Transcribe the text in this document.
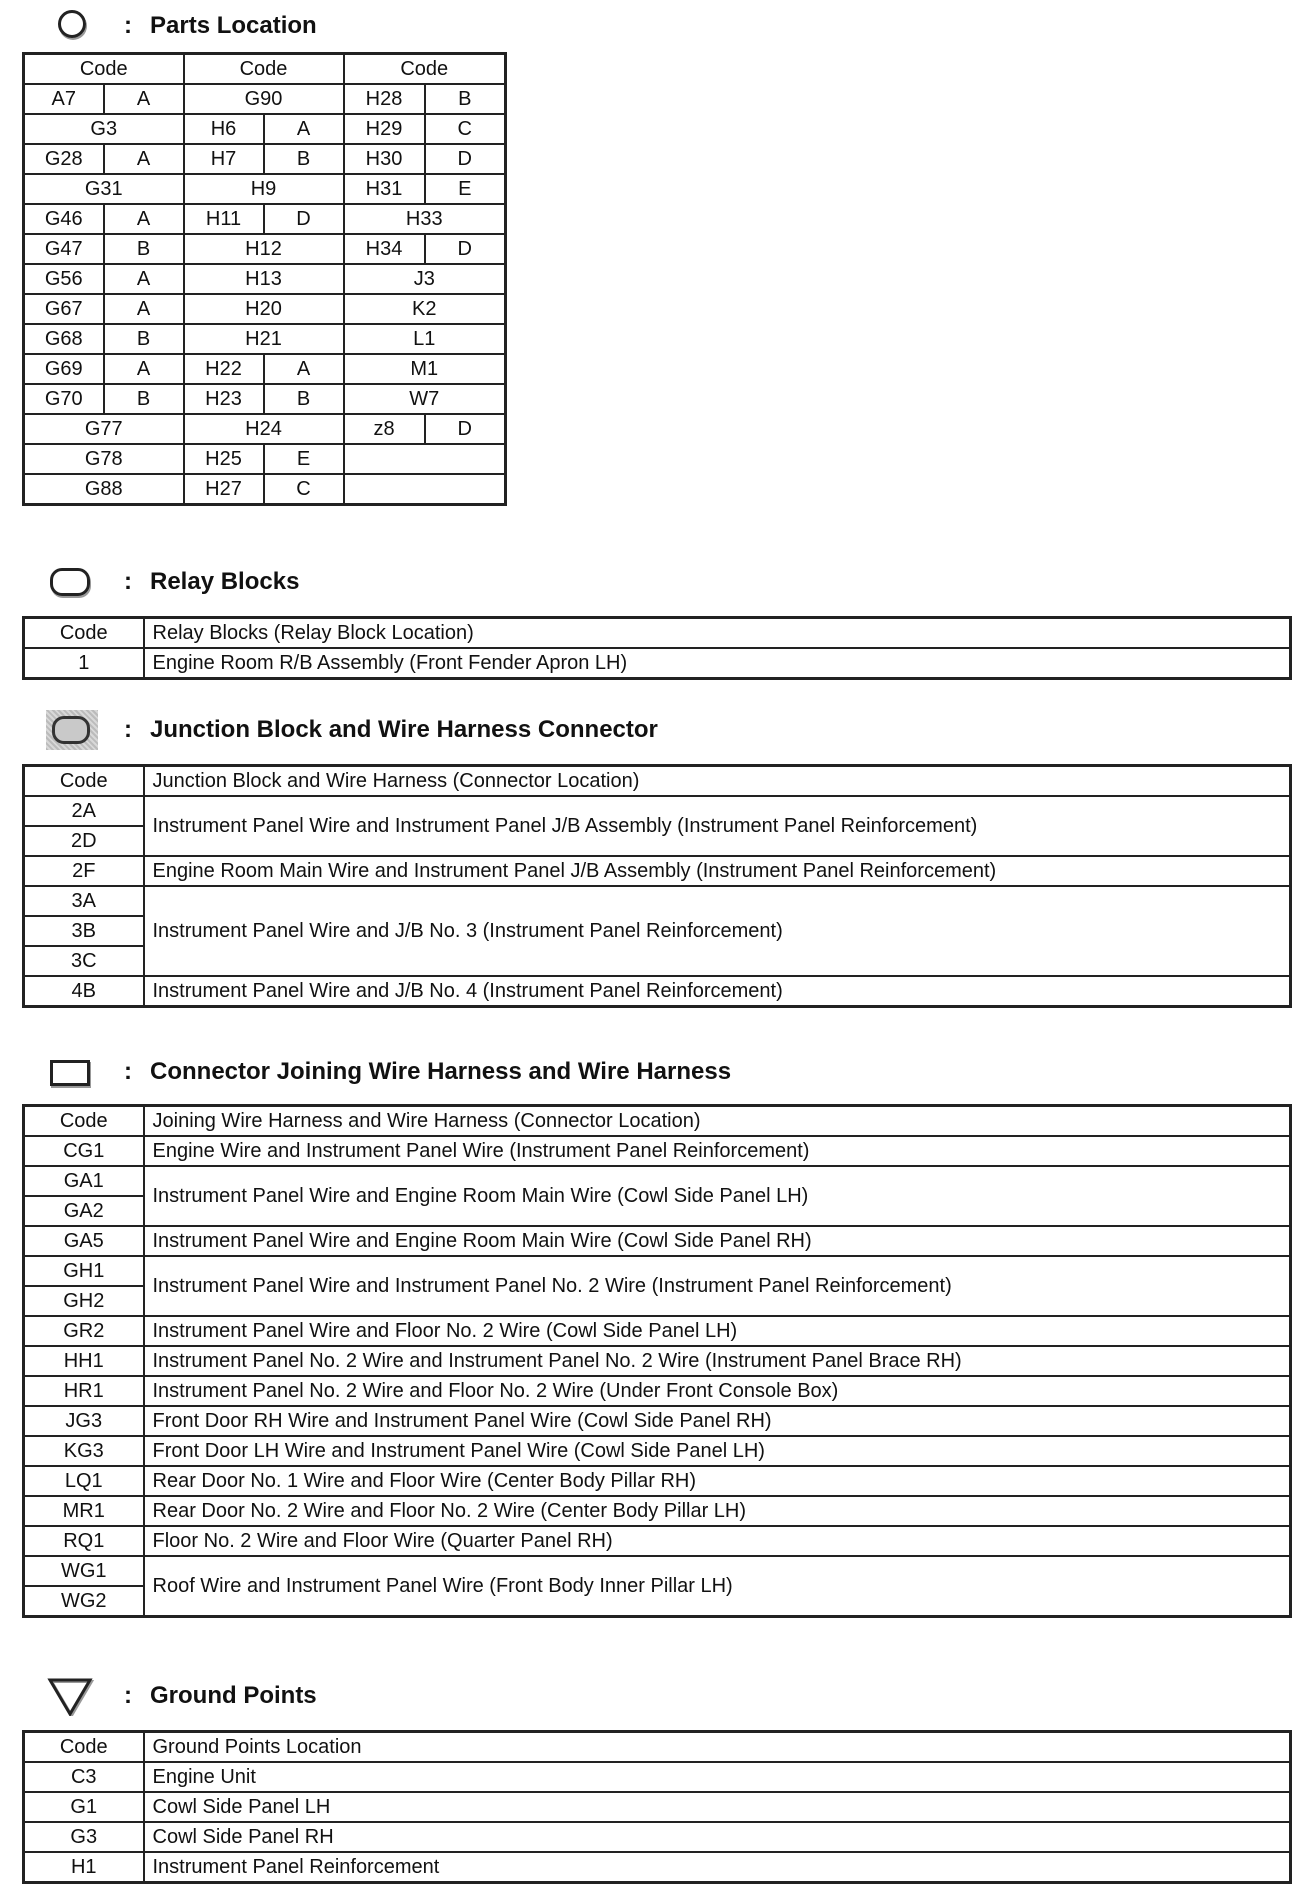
: Parts Location
Code		Code		Code	
A7	A	G90		H28	B
G3		H6	A	H29	C
G28	A	H7	B	H30	D
G31		H9		H31	E
G46	A	H11	D	H33	
G47	B	H12		H34	D
G56	A	H13		J3	
G67	A	H20		K2	
G68	B	H21		L1	
G69	A	H22	A	M1	
G70	B	H23	B	W7	
G77		H24		z8	D
G78		H25	E		
G88		H27	C		
: Relay Blocks
Code	Relay Blocks (Relay Block Location)
1	Engine Room R/B Assembly (Front Fender Apron LH)
: Junction Block and Wire Harness Connector
Code	Junction Block and Wire Harness (Connector Location)
2A	Instrument Panel Wire and Instrument Panel J/B Assembly (Instrument Panel Reinforcement)
2D	
2F	Engine Room Main Wire and Instrument Panel J/B Assembly (Instrument Panel Reinforcement)
3A	Instrument Panel Wire and J/B No. 3 (Instrument Panel Reinforcement)
3B	
3C	
4B	Instrument Panel Wire and J/B No. 4 (Instrument Panel Reinforcement)
: Connector Joining Wire Harness and Wire Harness
Code	Joining Wire Harness and Wire Harness (Connector Location)
CG1	Engine Wire and Instrument Panel Wire (Instrument Panel Reinforcement)
GA1	Instrument Panel Wire and Engine Room Main Wire (Cowl Side Panel LH)
GA2	
GA5	Instrument Panel Wire and Engine Room Main Wire (Cowl Side Panel RH)
GH1	Instrument Panel Wire and Instrument Panel No. 2 Wire (Instrument Panel Reinforcement)
GH2	
GR2	Instrument Panel Wire and Floor No. 2 Wire (Cowl Side Panel LH)
HH1	Instrument Panel No. 2 Wire and Instrument Panel No. 2 Wire (Instrument Panel Brace RH)
HR1	Instrument Panel No. 2 Wire and Floor No. 2 Wire (Under Front Console Box)
JG3	Front Door RH Wire and Instrument Panel Wire (Cowl Side Panel RH)
KG3	Front Door LH Wire and Instrument Panel Wire (Cowl Side Panel LH)
LQ1	Rear Door No. 1 Wire and Floor Wire (Center Body Pillar RH)
MR1	Rear Door No. 2 Wire and Floor No. 2 Wire (Center Body Pillar LH)
RQ1	Floor No. 2 Wire and Floor Wire (Quarter Panel RH)
WG1	Roof Wire and Instrument Panel Wire (Front Body Inner Pillar LH)
WG2	
: Ground Points
Code	Ground Points Location
C3	Engine Unit
G1	Cowl Side Panel LH
G3	Cowl Side Panel RH
H1	Instrument Panel Reinforcement
